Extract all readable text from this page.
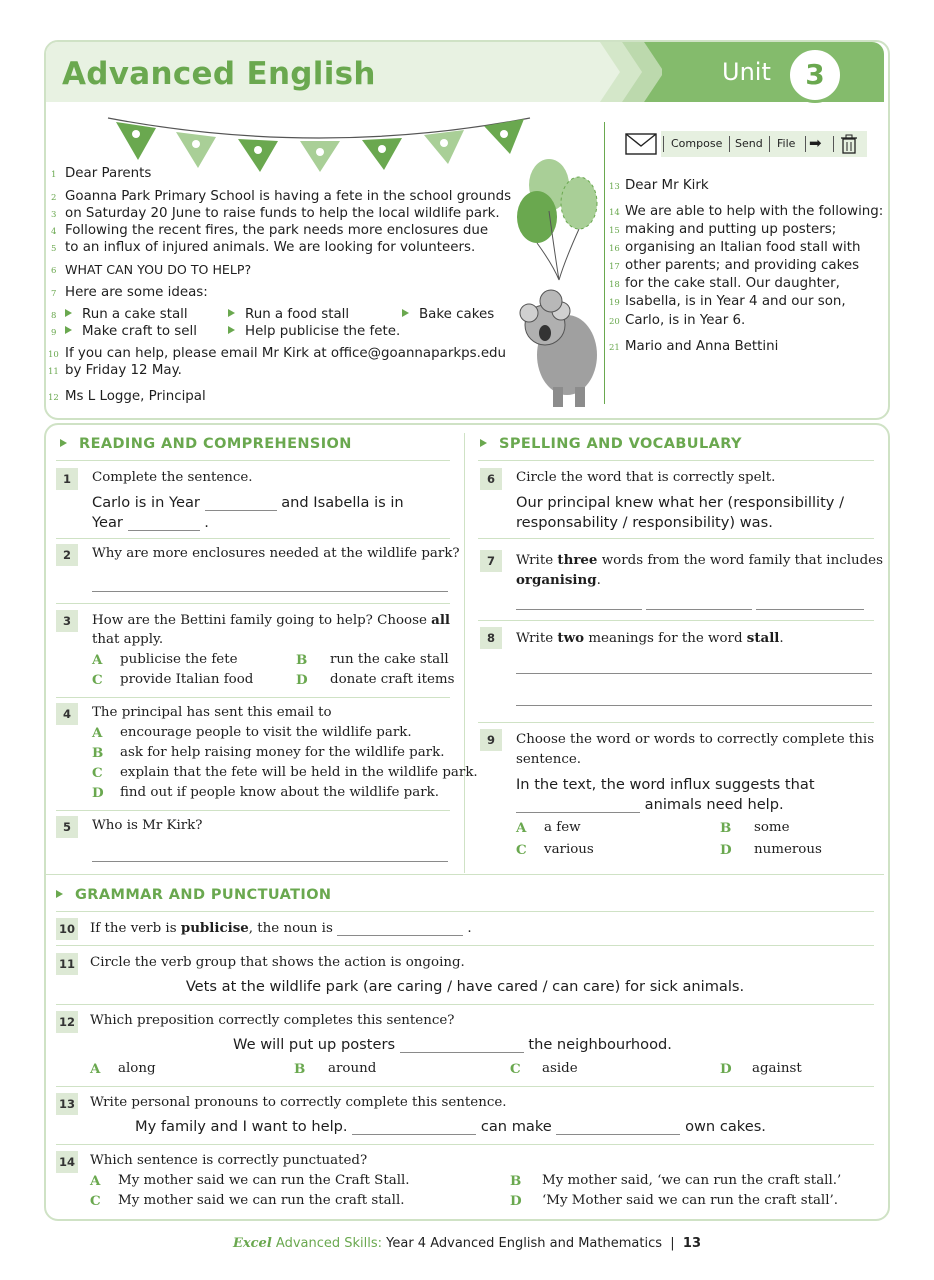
Advanced English	Unit	3
1 Dear Parents
2 Goanna Park Primary School is having a fete in the school grounds
3 on Saturday 20 June to raise funds to help the local wildlife park.
4 Following the recent fires, the park needs more enclosures due
5 to an influx of injured animals. We are looking for volunteers.
6 WHAT CAN YOU DO TO HELP?
7 Here are some ideas:
8
9
Run a cake stall	Run a food stall	Bake cakes
Make craft to sell	Help publicise the fete.
10 If you can help, please email Mr Kirk at office@goannaparkps.edu
11 by Friday 12 May.
12 Ms L Logge, Principal
Compose Send File ➡
13 Dear Mr Kirk
14 We are able to help with the following:
15 making and putting up posters;
16 organising an Italian food stall with
17 other parents; and providing cakes
18 for the cake stall. Our daughter,
19 Isabella, is in Year 4 and our son,
20 Carlo, is in Year 6.
21 Mario and Anna Bettini
READING AND COMPREHENSION
1	Complete the sentence.
Carlo is in Year	and Isabella is in
Year	.
2	Why are more enclosures needed at the wildlife park?
3	How are the Bettini family going to help? Choose all
that apply.
A publicise the fete	B run the cake stall
C provide Italian food	D donate craft items
4	The principal has sent this email to
A encourage people to visit the wildlife park.
B ask for help raising money for the wildlife park.
C explain that the fete will be held in the wildlife park.
D find out if people know about the wildlife park.
5	Who is Mr Kirk?
SPELLING AND VOCABULARY
6	Circle the word that is correctly spelt.
Our principal knew what her (responsibillity /
responsability / responsibility) was.
7	Write three words from the word family that includes
organising.
8	Write two meanings for the word stall.
9	Choose the word or words to correctly complete this
sentence.
In the text, the word influx suggests that
animals need help.
A a few	B some
C various	D numerous
GRAMMAR AND PUNCTUATION
10 If the verb is publicise, the noun is	.
11 Circle the verb group that shows the action is ongoing.
Vets at the wildlife park (are caring / have cared / can care) for sick animals.
12 Which preposition correctly completes this sentence?
We will put up posters	the neighbourhood.
A along	B around	C aside	D against
13 Write personal pronouns to correctly complete this sentence.
My family and I want to help.	can make	own cakes.
14 Which sentence is correctly punctuated?
A My mother said we can run the Craft Stall.	B My mother said, ‘we can run the craft stall.’
C My mother said we can run the craft stall.	D ‘My Mother said we can run the craft stall’.
Excel Advanced Skills: Year 4 Advanced English and Mathematics | 13
